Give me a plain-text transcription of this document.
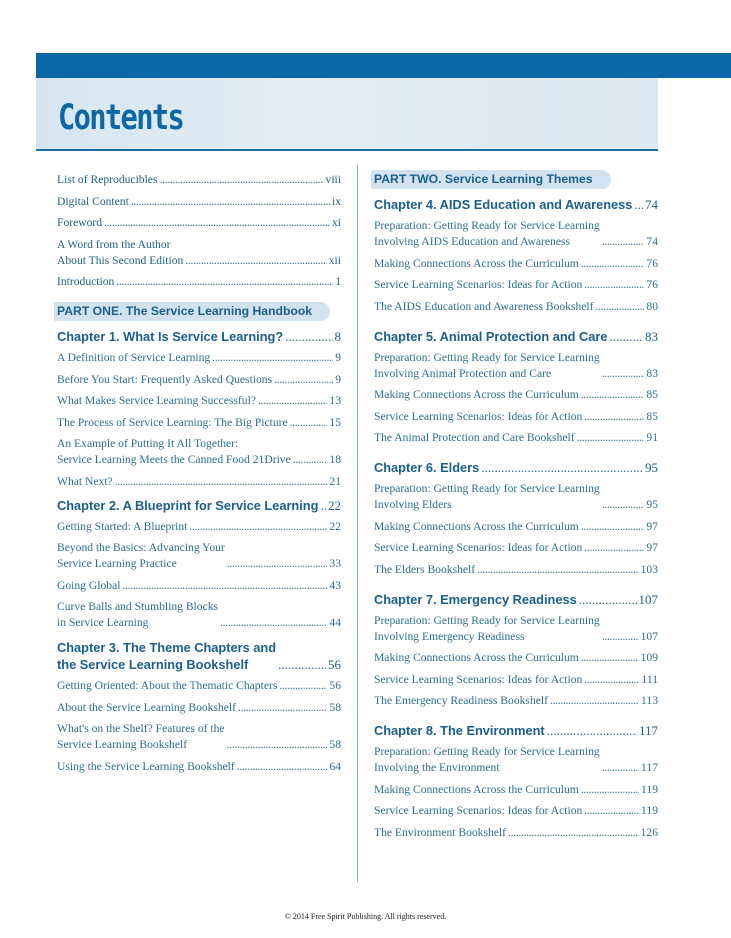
Contents
List of Reproducibles . . .	viii
Digital Content . . .	ix
Foreword . . .	xi
A Word from the Author
About This Second Edition . . .	xii
Introduction . . .	1
PART ONE. The Service Learning Handbook
Chapter 1. What Is Service Learning? . . .	8
A Definition of Service Learning . . .	9
Before You Start: Frequently Asked Questions . . .	9
What Makes Service Learning Successful? . . .	13
The Process of Service Learning: The Big Picture . . .	15
An Example of Putting It All Together:
Service Learning Meets the Canned Food 21Drive . . .	18
What Next? . . .	21
Chapter 2. A Blueprint for Service Learning . . . 22
Getting Started: A Blueprint . . .	22
Beyond the Basics: Advancing Your
Service Learning Practice . . .	33
Going Global . . .	43
Curve Balls and Stumbling Blocks
in Service Learning . . .	44
Chapter 3. The Theme Chapters and
the Service Learning Bookshelf . . .	56
Getting Oriented: About the Thematic Chapters . . .	56
About the Service Learning Bookshelf . . .	58
What's on the Shelf? Features of the
Service Learning Bookshelf . . .	58
Using the Service Learning Bookshelf . . .	64
PART TWO. Service Learning Themes
Chapter 4. AIDS Education and Awareness . . . 74
Preparation: Getting Ready for Service Learning
Involving AIDS Education and Awareness . . .	74
Making Connections Across the Curriculum . . .	76
Service Learning Scenarios: Ideas for Action . . .	76
The AIDS Education and Awareness Bookshelf . . .	80
Chapter 5. Animal Protection and Care . . .	83
Preparation: Getting Ready for Service Learning
Involving Animal Protection and Care . . .	83
Making Connections Across the Curriculum . . .	85
Service Learning Scenarios: Ideas for Action . . .	85
The Animal Protection and Care Bookshelf . . .	91
Chapter 6. Elders . . .	95
Preparation: Getting Ready for Service Learning
Involving Elders . . .	95
Making Connections Across the Curriculum . . .	97
Service Learning Scenarios: Ideas for Action . . .	97
The Elders Bookshelf . . .	103
Chapter 7. Emergency Readiness . . .	107
Preparation: Getting Ready for Service Learning
Involving Emergency Readiness . . .	107
Making Connections Across the Curriculum . . .	109
Service Learning Scenarios: Ideas for Action . . .	111
The Emergency Readiness Bookshelf . . .	113
Chapter 8. The Environment . . .	117
Preparation: Getting Ready for Service Learning
Involving the Environment . . .	117
Making Connections Across the Curriculum . . .	119
Service Learning Scenarios: Ideas for Action . . .	119
The Environment Bookshelf . . .	126
© 2014 Free Spirit Publishing. All rights reserved.
